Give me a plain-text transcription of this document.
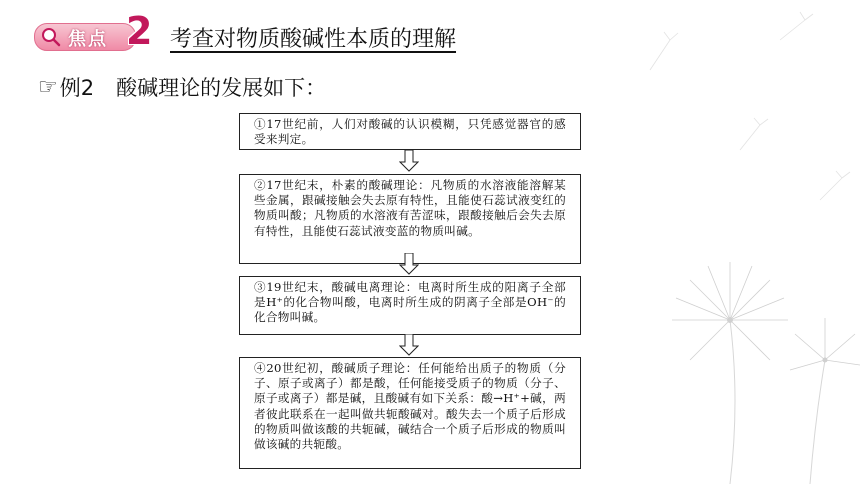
焦点 2 考查对物质酸碱性本质的理解
☞ 例2 酸碱理论的发展如下：
①17世纪前，人们对酸碱的认识模糊，只凭感觉器官的感受来判定。
②17世纪末，朴素的酸碱理论：凡物质的水溶液能溶解某些金属，跟碱接触会失去原有特性，且能使石蕊试液变红的物质叫酸；凡物质的水溶液有苦涩味，跟酸接触后会失去原有特性，且能使石蕊试液变蓝的物质叫碱。
③19世纪末，酸碱电离理论：电离时所生成的阳离子全部是H⁺的化合物叫酸，电离时所生成的阴离子全部是OH⁻的化合物叫碱。
④20世纪初，酸碱质子理论：任何能给出质子的物质（分子、原子或离子）都是酸，任何能接受质子的物质（分子、原子或离子）都是碱，且酸碱有如下关系：酸→H⁺+碱，两者彼此联系在一起叫做共轭酸碱对。酸失去一个质子后形成的物质叫做该酸的共轭碱，碱结合一个质子后形成的物质叫做该碱的共轭酸。
